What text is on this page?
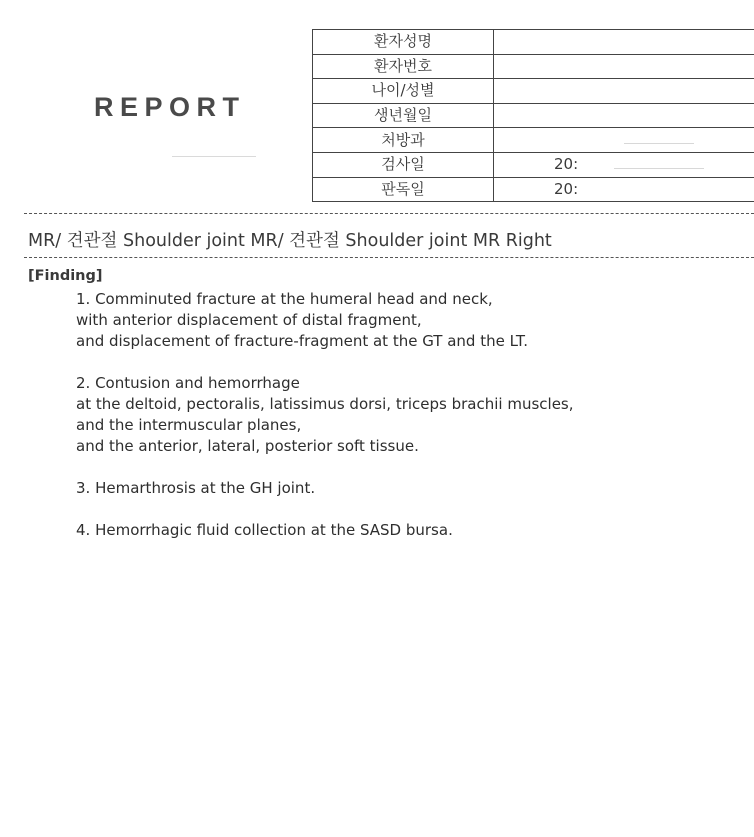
REPORT
환자성명	

환자번호	
나이/성별	
생년월일	
처방과	

검사일	20:

판독일	20:
MR/ 견관절 Shoulder joint MR/ 견관절 Shoulder joint MR Right
[Finding]
1. Comminuted fracture at the humeral head and neck,
with anterior displacement of distal fragment,
and displacement of fracture-fragment at the GT and the LT.
2. Contusion and hemorrhage
at the deltoid, pectoralis, latissimus dorsi, triceps brachii muscles,
and the intermuscular planes,
and the anterior, lateral, posterior soft tissue.
3. Hemarthrosis at the GH joint.
4. Hemorrhagic fluid collection at the SASD bursa.
